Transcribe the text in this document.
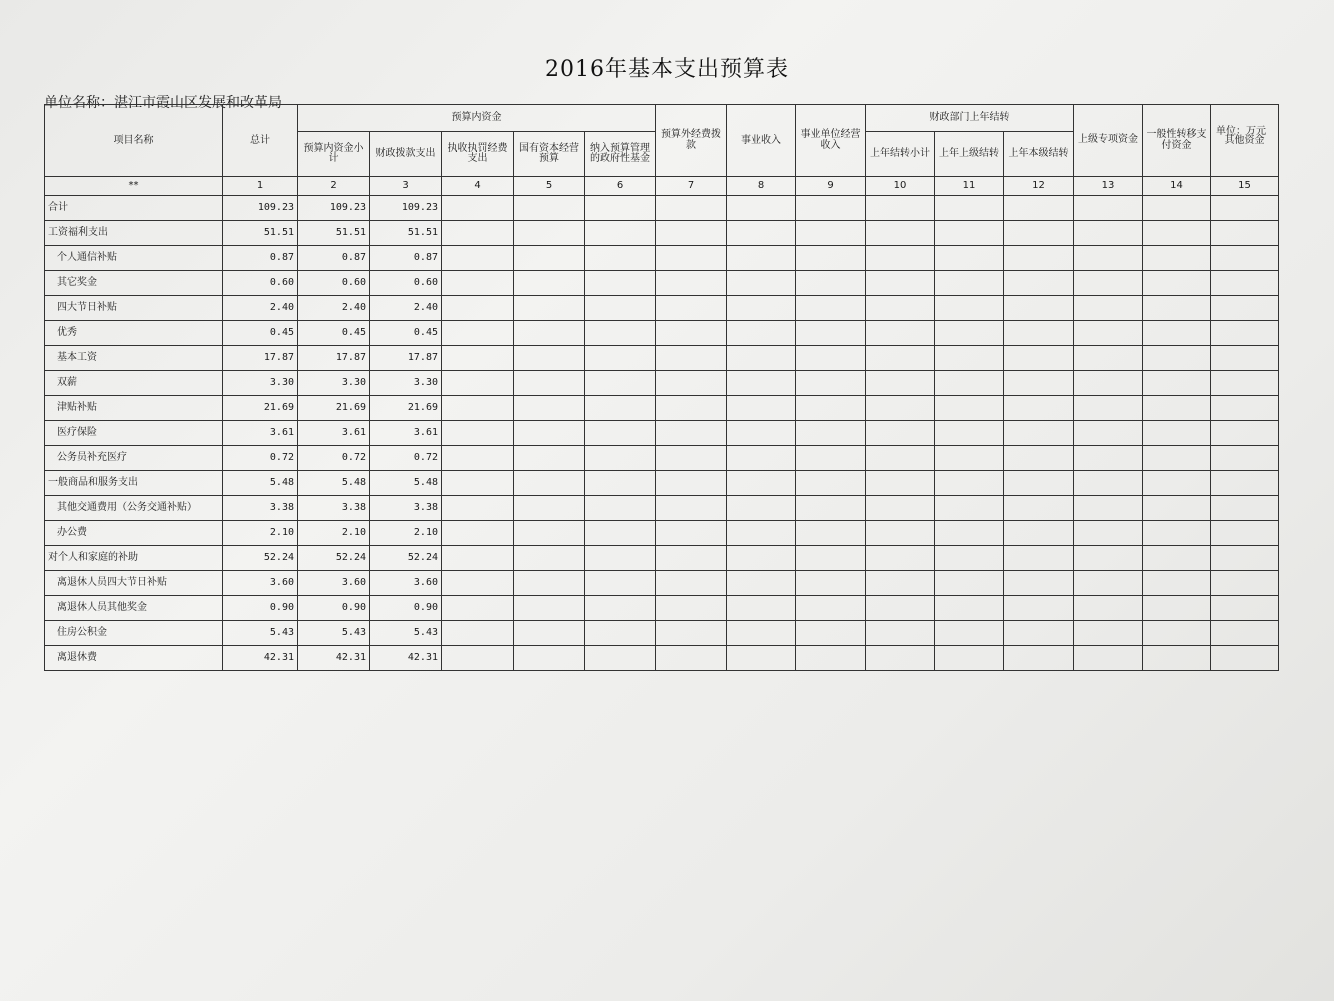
2016年基本支出预算表
单位名称：湛江市霞山区发展和改革局
单位：万元
项目名称	总计	预算内资金					预算外经费拨款	事业收入	事业单位经营收入	财政部门上年结转			上级专项资金	一般性转移支付资金	其他资金
		预算内资金小计	财政拨款支出	执收执罚经费支出	国有资本经营预算	纳入预算管理的政府性基金									
										上年结转小计	上年上级结转	上年本级结转			
**	1	2	3	4	5	6	7	8	9	10	11	12	13	14	15
合计	109.23	109.23	109.23												
工资福利支出	51.51	51.51	51.51												
个人通信补贴	0.87	0.87	0.87												
其它奖金	0.60	0.60	0.60												
四大节日补贴	2.40	2.40	2.40												
优秀	0.45	0.45	0.45												
基本工资	17.87	17.87	17.87												
双薪	3.30	3.30	3.30												
津贴补贴	21.69	21.69	21.69												
医疗保险	3.61	3.61	3.61												
公务员补充医疗	0.72	0.72	0.72												
一般商品和服务支出	5.48	5.48	5.48												
其他交通费用（公务交通补贴）	3.38	3.38	3.38												
办公费	2.10	2.10	2.10												
对个人和家庭的补助	52.24	52.24	52.24												
离退休人员四大节日补贴	3.60	3.60	3.60												
离退休人员其他奖金	0.90	0.90	0.90												
住房公积金	5.43	5.43	5.43												
离退休费	42.31	42.31	42.31												
